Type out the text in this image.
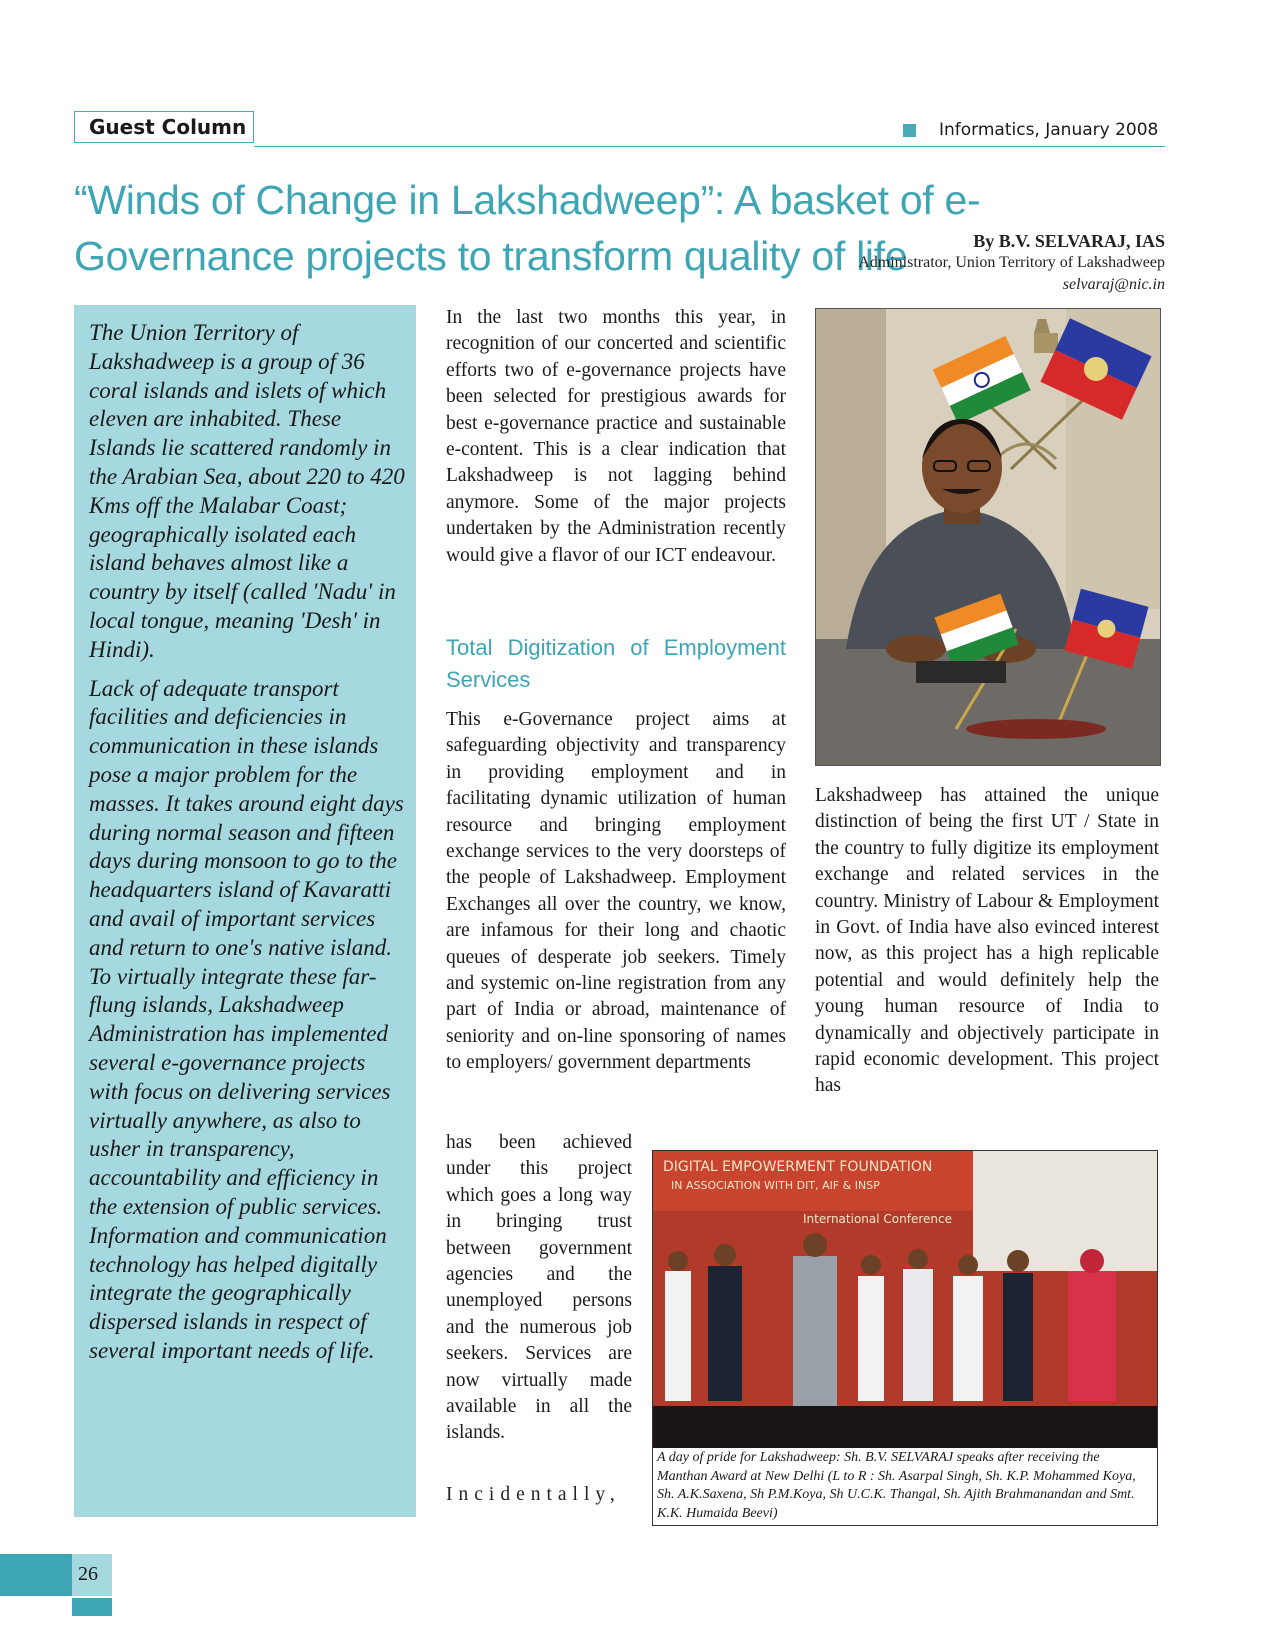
Guest Column	Informatics, January 2008
“Winds of Change in Lakshadweep”: A basket of e-Governance projects to transform quality of life	By B.V. SELVARAJ, IAS
Administrator, Union Territory of Lakshadweep
selvaraj@nic.in

The Union Territory of Lakshadweep is a group of 36 coral islands and islets of which eleven are inhabited. These Islands lie scattered randomly in the Arabian Sea, about 220 to 420 Kms off the Malabar Coast; geographically isolated each island behaves almost like a country by itself (called 'Nadu' in local tongue, meaning 'Desh' in Hindi).

Lack of adequate transport facilities and deficiencies in communication in these islands pose a major problem for the masses. It takes around eight days during normal season and fifteen days during monsoon to go to the headquarters island of Kavaratti and avail of important services and return to one's native island. To virtually integrate these far-flung islands, Lakshadweep Administration has implemented several e-governance projects with focus on delivering services virtually anywhere, as also to usher in transparency, accountability and efficiency in the extension of public services. Information and communication technology has helped digitally integrate the geographically dispersed islands in respect of several important needs of life.

In the last two months this year, in recognition of our concerted and scientific efforts two of e-governance projects have been selected for prestigious awards for best e-governance practice and sustainable e-content. This is a clear indication that Lakshadweep is not lagging behind anymore. Some of the major projects undertaken by the Administration recently would give a flavor of our ICT endeavour.

Total Digitization of Employment Services

This e-Governance project aims at safeguarding objectivity and transparency in providing employment and in facilitating dynamic utilization of human resource and bringing employment exchange services to the very doorsteps of the people of Lakshadweep. Employment Exchanges all over the country, we know, are infamous for their long and chaotic queues of desperate job seekers. Timely and systemic on-line registration from any part of India or abroad, maintenance of seniority and on-line sponsoring of names to employers/ government departments

has been achieved under this project which goes a long way in bringing trust between government agencies and the unemployed persons and the numerous job seekers. Services are now virtually made available in all the islands.

Incidentally,

Lakshadweep has attained the unique distinction of being the first UT / State in the country to fully digitize its employment exchange and related services in the country. Ministry of Labour & Employment in Govt. of India have also evinced interest now, as this project has a high replicable potential and would definitely help the young human resource of India to dynamically and objectively participate in rapid economic development. This project has

DIGITAL EMPOWERMENT FOUNDATION
IN ASSOCIATION WITH DIT, AIF & INSP
International Conference
A day of pride for Lakshadweep: Sh. B.V. SELVARAJ speaks after receiving the Manthan Award at New Delhi (L to R : Sh. Asarpal Singh, Sh. K.P. Mohammed Koya, Sh. A.K.Saxena, Sh P.M.Koya, Sh U.C.K. Thangal, Sh. Ajith Brahmanandan and Smt. K.K. Humaida Beevi)
26
